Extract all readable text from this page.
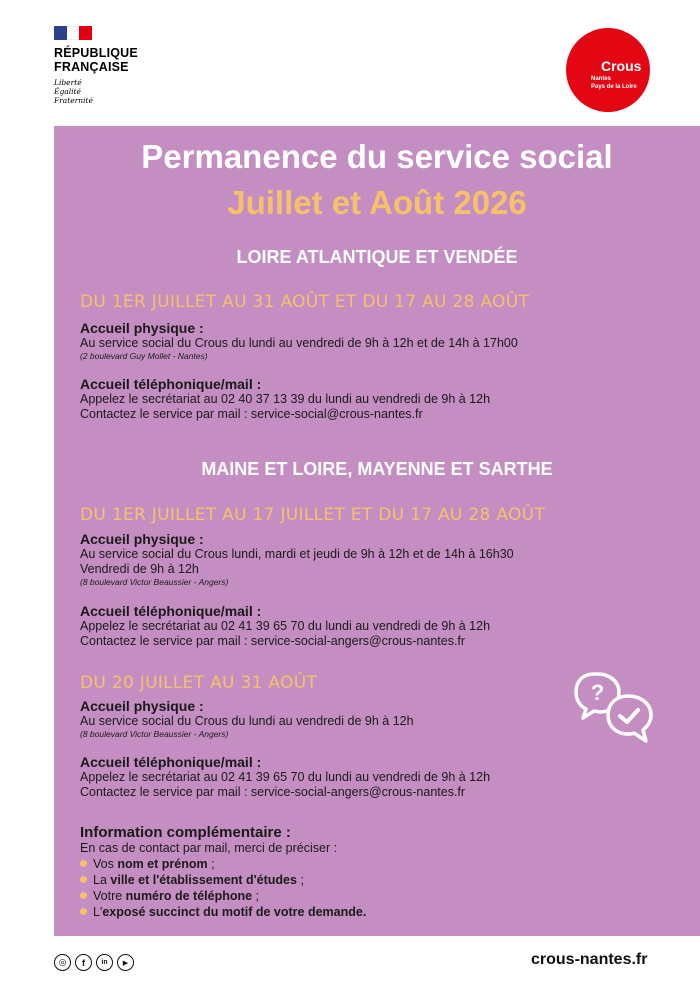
RÉPUBLIQUE
FRANÇAISE
Liberté
Égalité
Fraternité
Crous
Nantes
Pays de la Loire
Permanence du service social
Juillet et Août 2026
LOIRE ATLANTIQUE ET VENDÉE
DU 1ER JUILLET AU 31 AOÛT ET DU 17 AU 28 AOÛT
Accueil physique :
Au service social du Crous du lundi au vendredi de 9h à 12h et de 14h à 17h00
(2 boulevard Guy Mollet - Nantes)
Accueil téléphonique/mail :
Appelez le secrétariat au 02 40 37 13 39 du lundi au vendredi de 9h à 12h
Contactez le service par mail : service-social@crous-nantes.fr
MAINE ET LOIRE, MAYENNE ET SARTHE
DU 1ER JUILLET AU 17 JUILLET ET DU 17 AU 28 AOÛT
Accueil physique :
Au service social du Crous lundi, mardi et jeudi de 9h à 12h et de 14h à 16h30
Vendredi de 9h à 12h
(8 boulevard Victor Beaussier - Angers)
Accueil téléphonique/mail :
Appelez le secrétariat au 02 41 39 65 70 du lundi au vendredi de 9h à 12h
Contactez le service par mail : service-social-angers@crous-nantes.fr
DU 20 JUILLET AU 31 AOÛT
Accueil physique :
Au service social du Crous du lundi au vendredi de 9h à 12h
(8 boulevard Victor Beaussier - Angers)
Accueil téléphonique/mail :
Appelez le secrétariat au 02 41 39 65 70 du lundi au vendredi de 9h à 12h
Contactez le service par mail : service-social-angers@crous-nantes.fr
Information complémentaire :
En cas de contact par mail, merci de préciser :
Vos nom et prénom ;
La ville et l'établissement d'études ;
Votre numéro de téléphone ;
L'exposé succinct du motif de votre demande.
?
◎	f	in	▶	crous-nantes.fr
